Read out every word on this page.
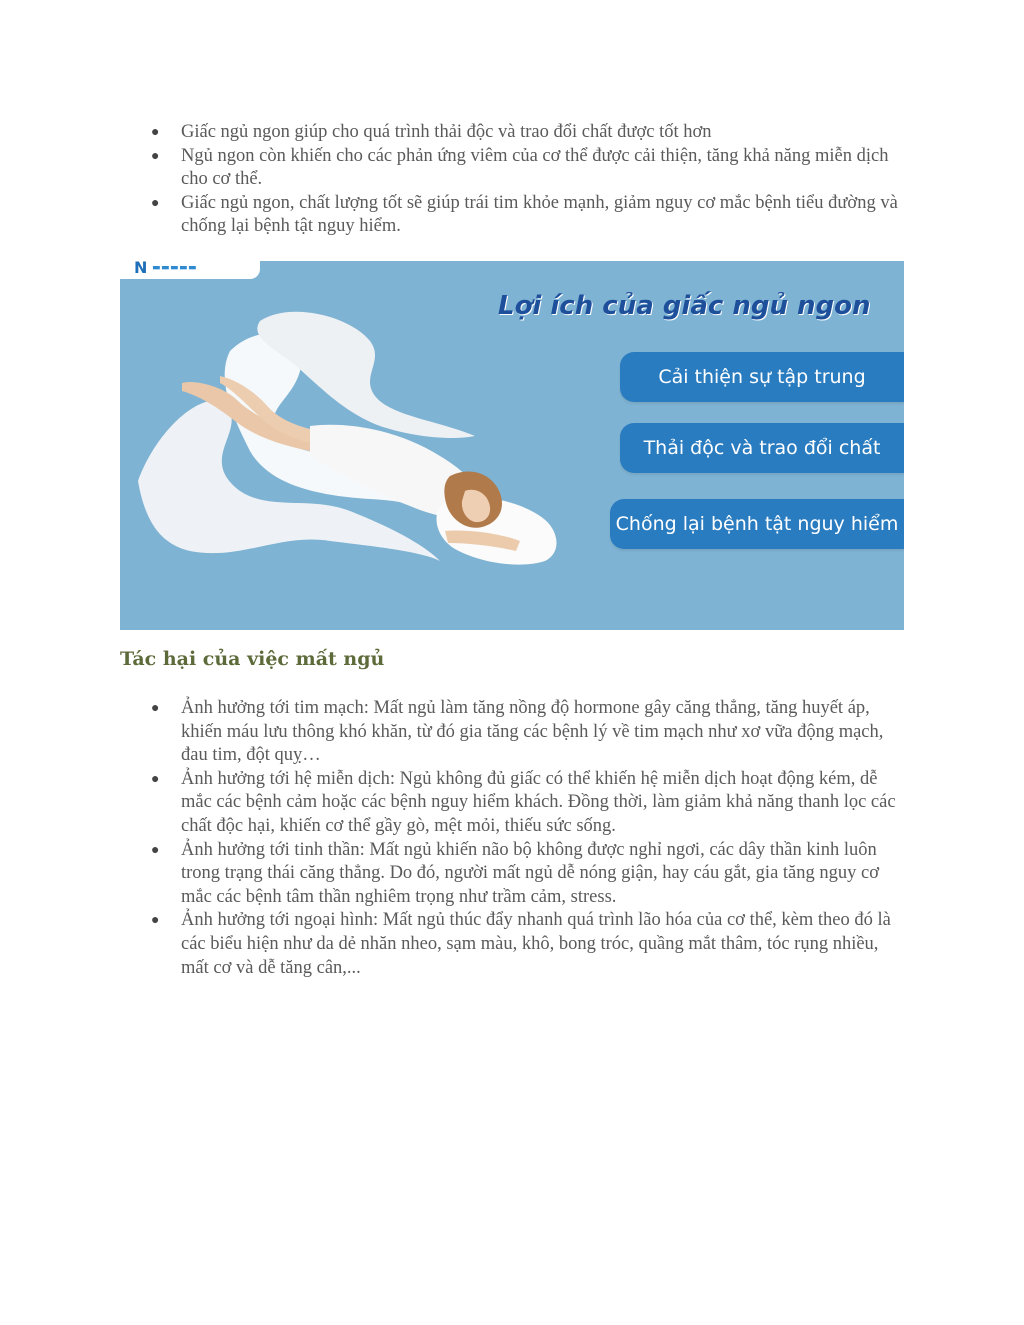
● Giấc ngủ ngon giúp cho quá trình thải độc và trao đổi chất được tốt hơn
● Ngủ ngon còn khiến cho các phản ứng viêm của cơ thể được cải thiện, tăng khả năng miễn dịch cho cơ thể.
● Giấc ngủ ngon, chất lượng tốt sẽ giúp trái tim khỏe mạnh, giảm nguy cơ mắc bệnh tiểu đường và chống lại bệnh tật nguy hiểm.
N ▬▬▬▬▬
Lợi ích của giấc ngủ ngon
Cải thiện sự tập trung
Thải độc và trao đổi chất
Chống lại bệnh tật nguy hiểm
Tác hại của việc mất ngủ
● Ảnh hưởng tới tim mạch: Mất ngủ làm tăng nồng độ hormone gây căng thẳng, tăng huyết áp, khiến máu lưu thông khó khăn, từ đó gia tăng các bệnh lý về tim mạch như xơ vữa động mạch, đau tim, đột quỵ…
● Ảnh hưởng tới hệ miễn dịch: Ngủ không đủ giấc có thể khiến hệ miễn dịch hoạt động kém, dễ mắc các bệnh cảm hoặc các bệnh nguy hiểm khách. Đồng thời, làm giảm khả năng thanh lọc các chất độc hại, khiến cơ thể gầy gò, mệt mỏi, thiếu sức sống.
● Ảnh hưởng tới tinh thần: Mất ngủ khiến não bộ không được nghỉ ngơi, các dây thần kinh luôn trong trạng thái căng thẳng. Do đó, người mất ngủ dễ nóng giận, hay cáu gắt, gia tăng nguy cơ mắc các bệnh tâm thần nghiêm trọng như trầm cảm, stress.
● Ảnh hưởng tới ngoại hình: Mất ngủ thúc đẩy nhanh quá trình lão hóa của cơ thể, kèm theo đó là các biểu hiện như da dẻ nhăn nheo, sạm màu, khô, bong tróc, quầng mắt thâm, tóc rụng nhiều, mất cơ và dễ tăng cân,...
